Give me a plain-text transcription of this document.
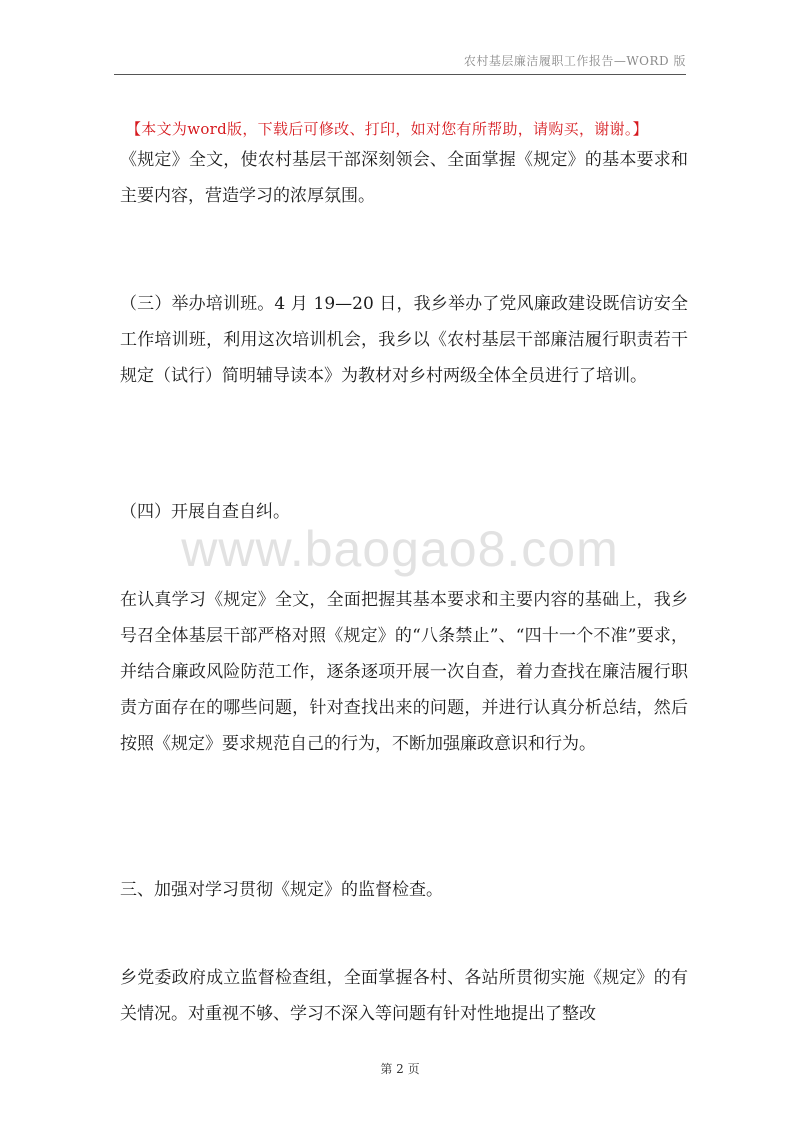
农村基层廉洁履职工作报告—WORD 版
【本文为word版，下载后可修改、打印，如对您有所帮助，请购买，谢谢。】
www.baogao8.com

《规定》全文，使农村基层干部深刻领会、全面掌握《规定》的基本要求和主要内容，营造学习的浓厚氛围。

（三）举办培训班。4 月 19—20 日，我乡举办了党风廉政建设既信访安全工作培训班，利用这次培训机会，我乡以《农村基层干部廉洁履行职责若干规定（试行）简明辅导读本》为教材对乡村两级全体全员进行了培训。

（四）开展自查自纠。

在认真学习《规定》全文，全面把握其基本要求和主要内容的基础上，我乡号召全体基层干部严格对照《规定》的“八条禁止”、“四十一个不准”要求，并结合廉政风险防范工作，逐条逐项开展一次自查，着力查找在廉洁履行职责方面存在的哪些问题，针对查找出来的问题，并进行认真分析总结，然后按照《规定》要求规范自己的行为，不断加强廉政意识和行为。

三、加强对学习贯彻《规定》的监督检查。

乡党委政府成立监督检查组，全面掌握各村、各站所贯彻实施《规定》的有关情况。对重视不够、学习不深入等问题有针对性地提出了整改

第 2 页
